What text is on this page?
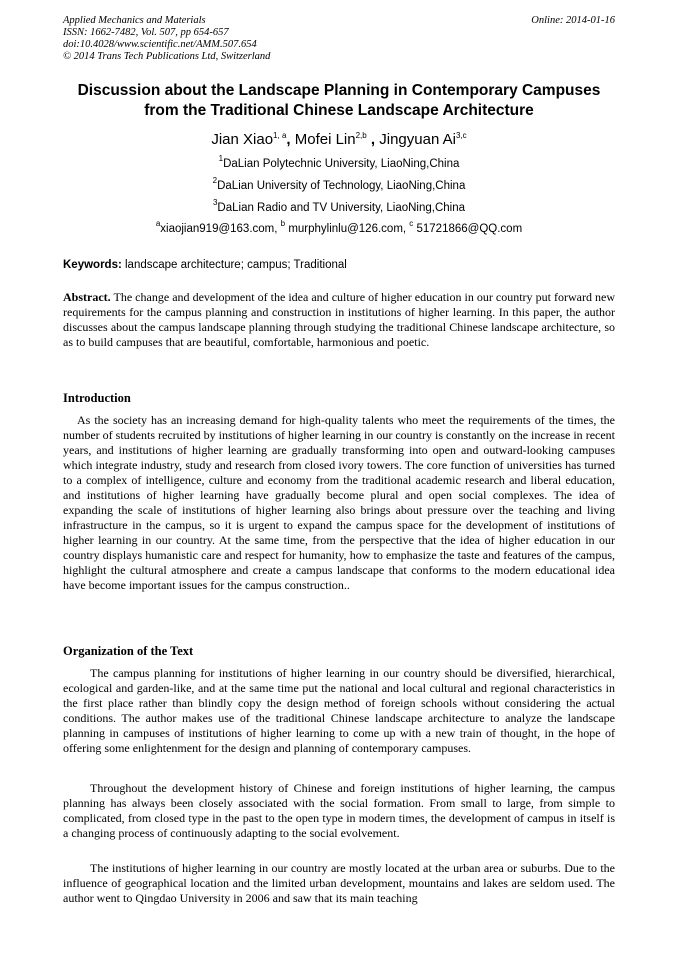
Applied Mechanics and Materials
ISSN: 1662-7482, Vol. 507, pp 654-657
doi:10.4028/www.scientific.net/AMM.507.654
© 2014 Trans Tech Publications Ltd, Switzerland
Online: 2014-01-16
Discussion about the Landscape Planning in Contemporary Campuses
from the Traditional Chinese Landscape Architecture
Jian Xiao$^{1, a}$, Mofei Lin$^{2,b}$ , Jingyuan Ai$^{3,c}$
$^1$DaLian Polytechnic University, LiaoNing,China
$^2$DaLian University of Technology, LiaoNing,China
$^3$DaLian Radio and TV University, LiaoNing,China
$^a$xiaojian919@163.com, $^b$ murphylinlu@126.com, $^c$ 51721866@QQ.com
Keywords: landscape architecture; campus; Traditional
Abstract. The change and development of the idea and culture of higher education in our country put forward new requirements for the campus planning and construction in institutions of higher learning. In this paper, the author discusses about the campus landscape planning through studying the traditional Chinese landscape architecture, so as to build campuses that are beautiful, comfortable, harmonious and poetic.
Introduction
As the society has an increasing demand for high-quality talents who meet the requirements of the times, the number of students recruited by institutions of higher learning in our country is constantly on the increase in recent years, and institutions of higher learning are gradually transforming into open and outward-looking campuses which integrate industry, study and research from closed ivory towers. The core function of universities has turned to a complex of intelligence, culture and economy from the traditional academic research and liberal education, and institutions of higher learning have gradually become plural and open social complexes. The idea of expanding the scale of institutions of higher learning also brings about pressure over the teaching and living infrastructure in the campus, so it is urgent to expand the campus space for the development of institutions of higher learning in our country. At the same time, from the perspective that the idea of higher education in our country displays humanistic care and respect for humanity, how to emphasize the taste and features of the campus, highlight the cultural atmosphere and create a campus landscape that conforms to the modern educational idea have become important issues for the campus construction..
Organization of the Text
The campus planning for institutions of higher learning in our country should be diversified, hierarchical, ecological and garden-like, and at the same time put the national and local cultural and regional characteristics in the first place rather than blindly copy the design method of foreign schools without considering the actual conditions. The author makes use of the traditional Chinese landscape architecture to analyze the landscape planning in campuses of institutions of higher learning to come up with a new train of thought, in the hope of offering some enlightenment for the design and planning of contemporary campuses.
Throughout the development history of Chinese and foreign institutions of higher learning, the campus planning has always been closely associated with the social formation. From small to large, from simple to complicated, from closed type in the past to the open type in modern times, the development of campus in itself is a changing process of continuously adapting to the social evolvement.
The institutions of higher learning in our country are mostly located at the urban area or suburbs. Due to the influence of geographical location and the limited urban development, mountains and lakes are seldom used. The author went to Qingdao University in 2006 and saw that its main teaching
